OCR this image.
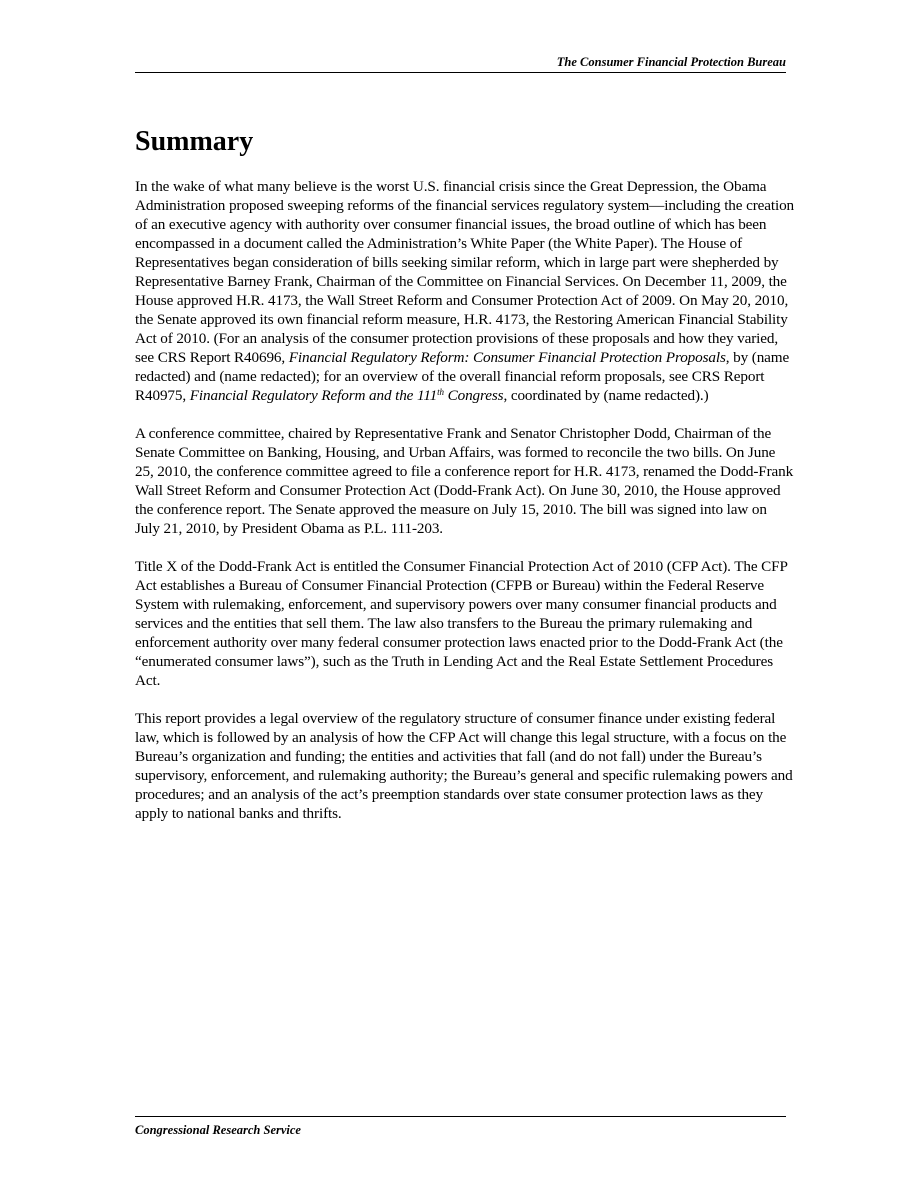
The Consumer Financial Protection Bureau
Summary

In the wake of what many believe is the worst U.S. financial crisis since the Great Depression, the Obama Administration proposed sweeping reforms of the financial services regulatory system—including the creation of an executive agency with authority over consumer financial issues, the broad outline of which has been encompassed in a document called the Administration’s White Paper (the White Paper). The House of Representatives began consideration of bills seeking similar reform, which in large part were shepherded by Representative Barney Frank, Chairman of the Committee on Financial Services. On December 11, 2009, the House approved H.R. 4173, the Wall Street Reform and Consumer Protection Act of 2009. On May 20, 2010, the Senate approved its own financial reform measure, H.R. 4173, the Restoring American Financial Stability Act of 2010. (For an analysis of the consumer protection provisions of these proposals and how they varied, see CRS Report R40696, Financial Regulatory Reform: Consumer Financial Protection Proposals, by (name redacted) and (name redacted); for an overview of the overall financial reform proposals, see CRS Report R40975, Financial Regulatory Reform and the 111th Congress, coordinated by (name redacted).)

A conference committee, chaired by Representative Frank and Senator Christopher Dodd, Chairman of the Senate Committee on Banking, Housing, and Urban Affairs, was formed to reconcile the two bills. On June 25, 2010, the conference committee agreed to file a conference report for H.R. 4173, renamed the Dodd-Frank Wall Street Reform and Consumer Protection Act (Dodd-Frank Act). On June 30, 2010, the House approved the conference report. The Senate approved the measure on July 15, 2010. The bill was signed into law on July 21, 2010, by President Obama as P.L. 111-203.

Title X of the Dodd-Frank Act is entitled the Consumer Financial Protection Act of 2010 (CFP Act). The CFP Act establishes a Bureau of Consumer Financial Protection (CFPB or Bureau) within the Federal Reserve System with rulemaking, enforcement, and supervisory powers over many consumer financial products and services and the entities that sell them. The law also transfers to the Bureau the primary rulemaking and enforcement authority over many federal consumer protection laws enacted prior to the Dodd-Frank Act (the “enumerated consumer laws”), such as the Truth in Lending Act and the Real Estate Settlement Procedures Act.

This report provides a legal overview of the regulatory structure of consumer finance under existing federal law, which is followed by an analysis of how the CFP Act will change this legal structure, with a focus on the Bureau’s organization and funding; the entities and activities that fall (and do not fall) under the Bureau’s supervisory, enforcement, and rulemaking authority; the Bureau’s general and specific rulemaking powers and procedures; and an analysis of the act’s preemption standards over state consumer protection laws as they apply to national banks and thrifts.

Congressional Research Service
